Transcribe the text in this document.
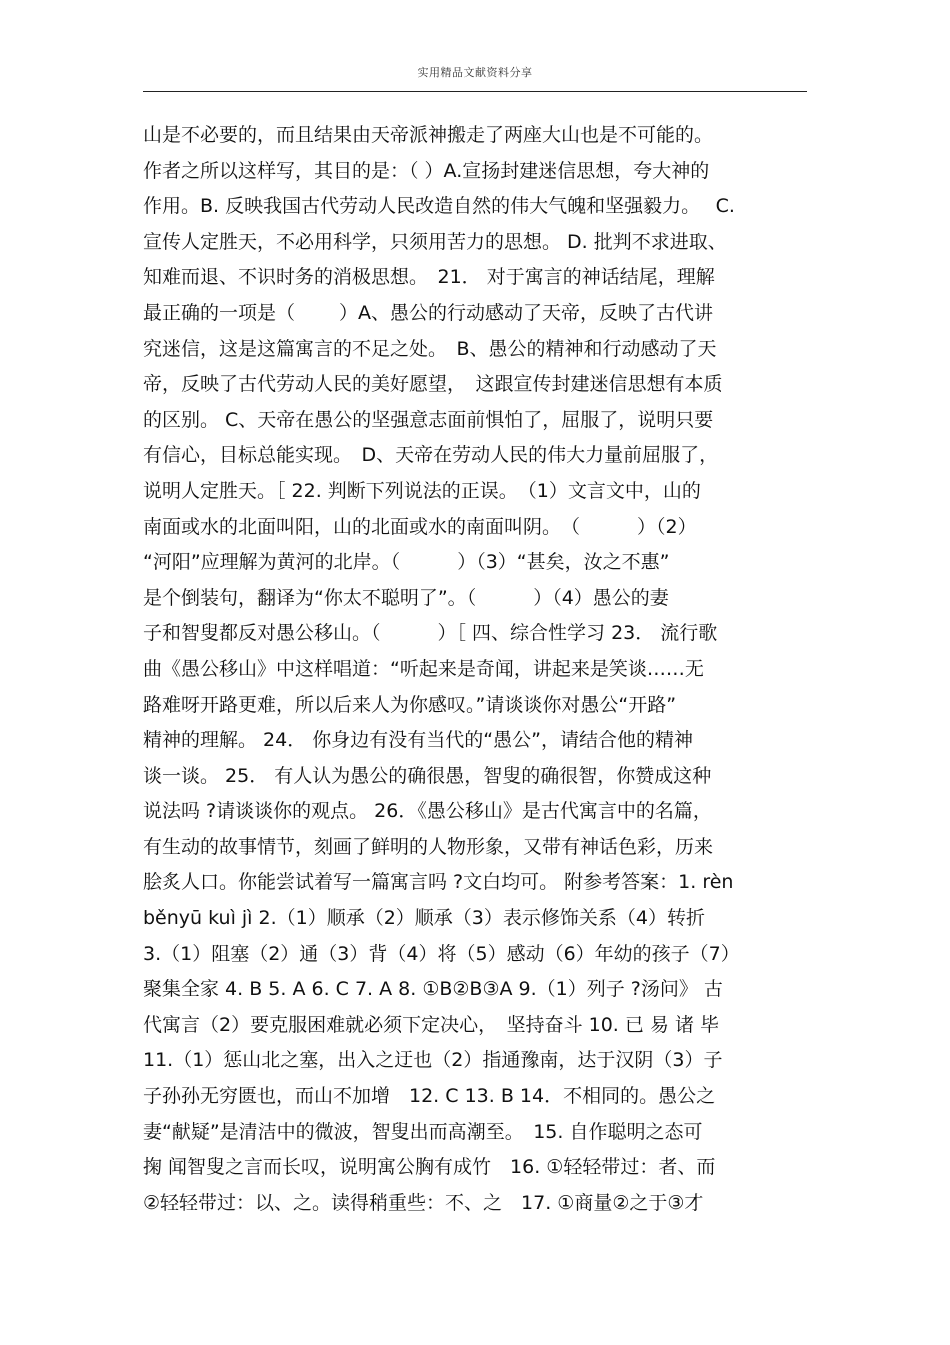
实用精品文献资料分享
山是不必要的，而且结果由天帝派神搬走了两座大山也是不可能的。
作者之所以这样写，其目的是：（ ）A.宣扬封建迷信思想，夸大神的
作用。B. 反映我国古代劳动人民改造自然的伟大气魄和坚强毅力。　 C.
宣传人定胜天，不必用科学，只须用苦力的思想。 D. 批判不求进取、
知难而退、不识时务的消极思想。　21． 对于寓言的神话结尾，理解
最正确的一项是（　　 ）A、愚公的行动感动了天帝，反映了古代讲
究迷信，这是这篇寓言的不足之处。　B、愚公的精神和行动感动了天
帝，反映了古代劳动人民的美好愿望，　这跟宣传封建迷信思想有本质
的区别。 C、天帝在愚公的坚强意志面前惧怕了，屈服了，说明只要
有信心，目标总能实现。　D、天帝在劳动人民的伟大力量前屈服了，
说明人定胜天。［ 22. 判断下列说法的正误。　（1）文言文中，山的
南面或水的北面叫阳，山的北面或水的南面叫阴。　（　　　）（2）
“河阳”应理解为黄河的北岸。（　　　）（3）“甚矣，汝之不惠”
是个倒装句，翻译为“你太不聪明了”。（　　　）（4）愚公的妻
子和智叟都反对愚公移山。（　　　）［ 四、综合性学习 23． 流行歌
曲《愚公移山》中这样唱道：“听起来是奇闻，讲起来是笑谈……无
路难呀开路更难，所以后来人为你感叹。”请谈谈你对愚公“开路”
精神的理解。 24． 你身边有没有当代的“愚公”，请结合他的精神
谈一谈。 25． 有人认为愚公的确很愚，智叟的确很智，你赞成这种
说法吗 ?请谈谈你的观点。 26．《愚公移山》是古代寓言中的名篇，
有生动的故事情节，刻画了鲜明的人物形象，又带有神话色彩，历来
脍炙人口。你能尝试着写一篇寓言吗 ?文白均可。 附参考答案：1. rèn
běnyū kuì jì 2.（1）顺承（2）顺承（3）表示修饰关系（4）转折
3.（1）阻塞（2）通（3）背（4）将（5）感动（6）年幼的孩子（7）
聚集全家 4. B 5. A 6. C 7. A 8. ①B②B③A 9.（1）列子 ?汤问》 古
代寓言（2）要克服困难就必须下定决心，　坚持奋斗 10. 已 易 诸 毕
11.（1）惩山北之塞，出入之迂也（2）指通豫南，达于汉阴（3）子
子孙孙无穷匮也，而山不加增　12. C 13. B 14．不相同的。愚公之
妻“献疑”是清洁中的微波，智叟出而高潮至。　15. 自作聪明之态可
掬 闻智叟之言而长叹，说明寓公胸有成竹　16. ①轻轻带过：者、而
②轻轻带过：以、之。读得稍重些：不、之　17. ①商量②之于③才
